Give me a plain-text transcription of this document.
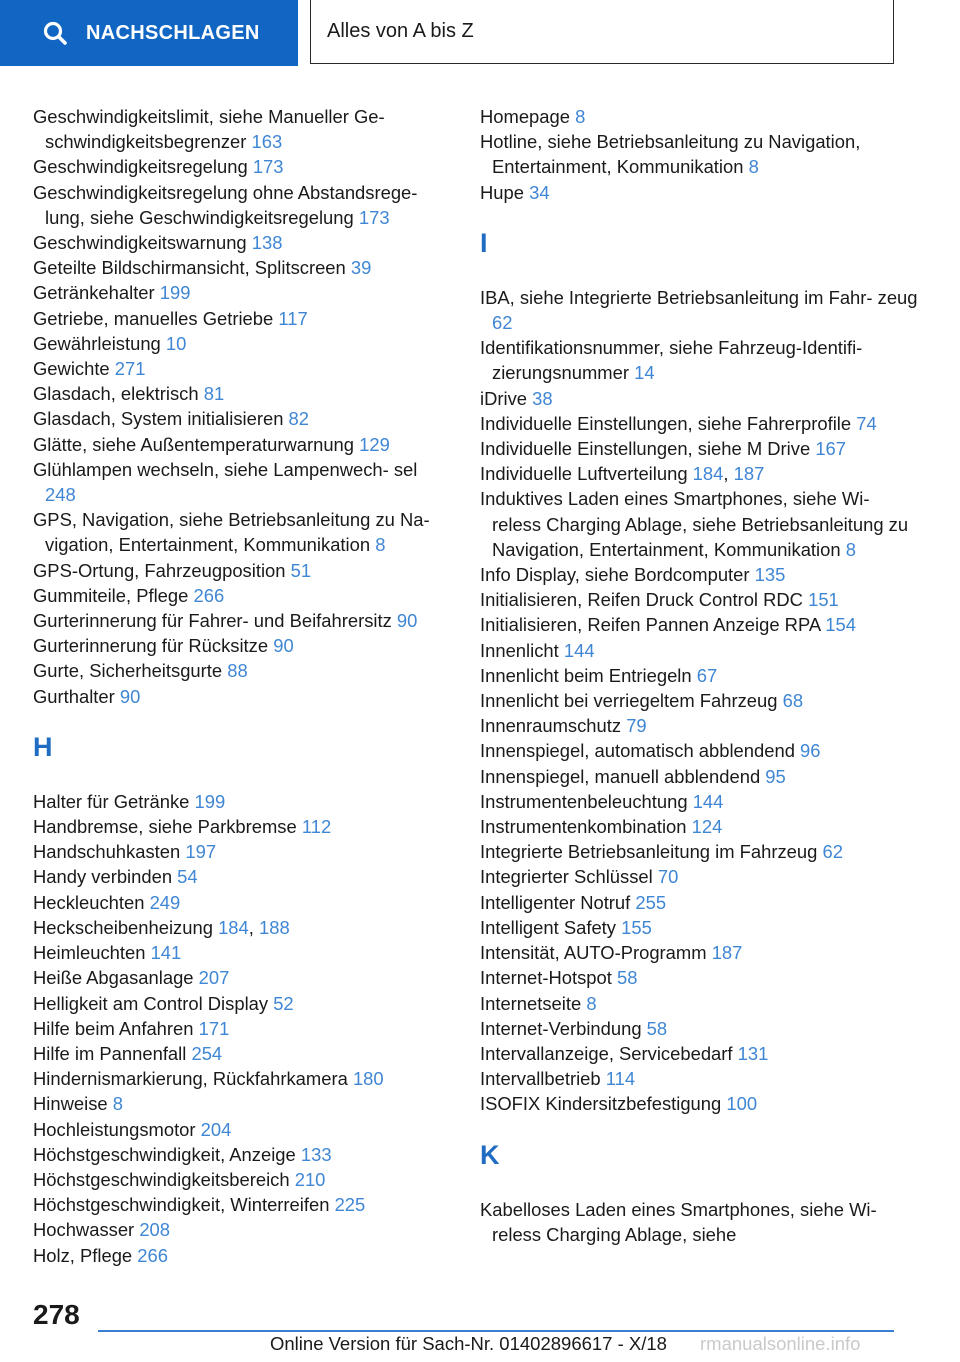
NACHSCHLAGEN	Alles von A bis Z

Geschwindigkeitslimit, siehe Manueller Ge‐ schwindigkeitsbegrenzer 163

Geschwindigkeitsregelung 173

Geschwindigkeitsregelung ohne Abstandsrege‐ lung, siehe Geschwindigkeitsregelung 173

Geschwindigkeitswarnung 138

Geteilte Bildschirmansicht, Splitscreen 39

Getränkehalter 199

Getriebe, manuelles Getriebe 117

Gewährleistung 10

Gewichte 271

Glasdach, elektrisch 81

Glasdach, System initialisieren 82

Glätte, siehe Außentemperaturwarnung 129

Glühlampen wechseln, siehe Lampenwech‐ sel 248

GPS, Navigation, siehe Betriebsanleitung zu Na‐ vigation, Entertainment, Kommunikation 8

GPS-Ortung, Fahrzeugposition 51

Gummiteile, Pflege 266

Gurterinnerung für Fahrer- und Beifahrersitz 90

Gurterinnerung für Rücksitze 90

Gurte, Sicherheitsgurte 88

Gurthalter 90

H

Halter für Getränke 199

Handbremse, siehe Parkbremse 112

Handschuhkasten 197

Handy verbinden 54

Heckleuchten 249

Heckscheibenheizung 184, 188

Heimleuchten 141

Heiße Abgasanlage 207

Helligkeit am Control Display 52

Hilfe beim Anfahren 171

Hilfe im Pannenfall 254

Hindernismarkierung, Rückfahrkamera 180

Hinweise 8

Hochleistungsmotor 204

Höchstgeschwindigkeit, Anzeige 133

Höchstgeschwindigkeitsbereich 210

Höchstgeschwindigkeit, Winterreifen 225

Hochwasser 208

Holz, Pflege 266

Homepage 8

Hotline, siehe Betriebsanleitung zu Navigation, Entertainment, Kommunikation 8

Hupe 34

I

IBA, siehe Integrierte Betriebsanleitung im Fahr‐ zeug 62

Identifikationsnummer, siehe Fahrzeug-Identifi‐ zierungsnummer 14

iDrive 38

Individuelle Einstellungen, siehe Fahrerprofile 74

Individuelle Einstellungen, siehe M Drive 167

Individuelle Luftverteilung 184, 187

Induktives Laden eines Smartphones, siehe Wi‐ reless Charging Ablage, siehe Betriebsanleitung zu Navigation, Entertainment, Kommunikation 8

Info Display, siehe Bordcomputer 135

Initialisieren, Reifen Druck Control RDC 151

Initialisieren, Reifen Pannen Anzeige RPA 154

Innenlicht 144

Innenlicht beim Entriegeln 67

Innenlicht bei verriegeltem Fahrzeug 68

Innenraumschutz 79

Innenspiegel, automatisch abblendend 96

Innenspiegel, manuell abblendend 95

Instrumentenbeleuchtung 144

Instrumentenkombination 124

Integrierte Betriebsanleitung im Fahrzeug 62

Integrierter Schlüssel 70

Intelligenter Notruf 255

Intelligent Safety 155

Intensität, AUTO-Programm 187

Internet-Hotspot 58

Internetseite 8

Internet-Verbindung 58

Intervallanzeige, Servicebedarf 131

Intervallbetrieb 114

ISOFIX Kindersitzbefestigung 100

K

Kabelloses Laden eines Smartphones, siehe Wi‐ reless Charging Ablage, siehe

278
Online Version für Sach-Nr. 01402896617 - X/18 rmanualsonline.info
